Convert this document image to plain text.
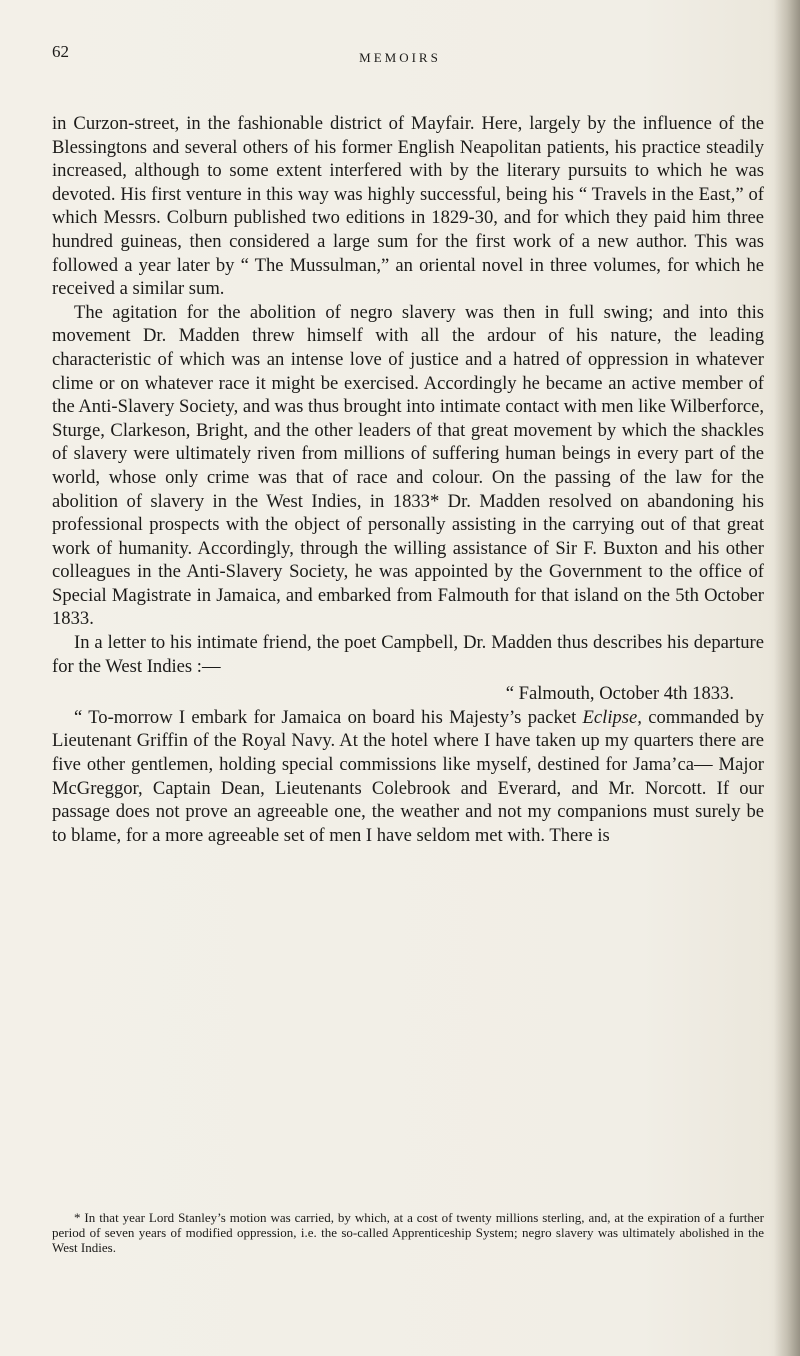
62	MEMOIRS

in Curzon-street, in the fashionable district of Mayfair. Here, largely by the influence of the Blessingtons and several others of his former English Neapolitan patients, his practice steadily increased, although to some extent interfered with by the literary pursuits to which he was devoted. His first venture in this way was highly successful, being his “ Travels in the East,” of which Messrs. Colburn published two editions in 1829-30, and for which they paid him three hundred guineas, then considered a large sum for the first work of a new author. This was followed a year later by “ The Mussulman,” an oriental novel in three volumes, for which he received a similar sum.

The agitation for the abolition of negro slavery was then in full swing; and into this movement Dr. Madden threw himself with all the ardour of his nature, the leading characteristic of which was an intense love of justice and a hatred of oppression in whatever clime or on whatever race it might be exercised. Accordingly he became an active member of the Anti-Slavery Society, and was thus brought into intimate contact with men like Wilberforce, Sturge, Clarkeson, Bright, and the other leaders of that great movement by which the shackles of slavery were ultimately riven from millions of suffering human beings in every part of the world, whose only crime was that of race and colour. On the passing of the law for the abolition of slavery in the West Indies, in 1833* Dr. Madden resolved on abandoning his professional prospects with the object of personally assisting in the carrying out of that great work of humanity. Accordingly, through the willing assistance of Sir F. Buxton and his other colleagues in the Anti-Slavery Society, he was appointed by the Government to the office of Special Magistrate in Jamaica, and embarked from Falmouth for that island on the 5th October 1833.

In a letter to his intimate friend, the poet Campbell, Dr. Madden thus describes his departure for the West Indies :—

“ Falmouth, October 4th 1833.

“ To-morrow I embark for Jamaica on board his Majesty’s packet Eclipse, commanded by Lieutenant Griffin of the Royal Navy. At the hotel where I have taken up my quarters there are five other gentlemen, holding special commissions like myself, destined for Jama’ca— Major McGreggor, Captain Dean, Lieutenants Colebrook and Everard, and Mr. Norcott. If our passage does not prove an agreeable one, the weather and not my companions must surely be to blame, for a more agreeable set of men I have seldom met with. There is

* In that year Lord Stanley’s motion was carried, by which, at a cost of twenty millions sterling, and, at the expiration of a further period of seven years of modified oppression, i.e. the so-called Apprenticeship System; negro slavery was ultimately abolished in the West Indies.
